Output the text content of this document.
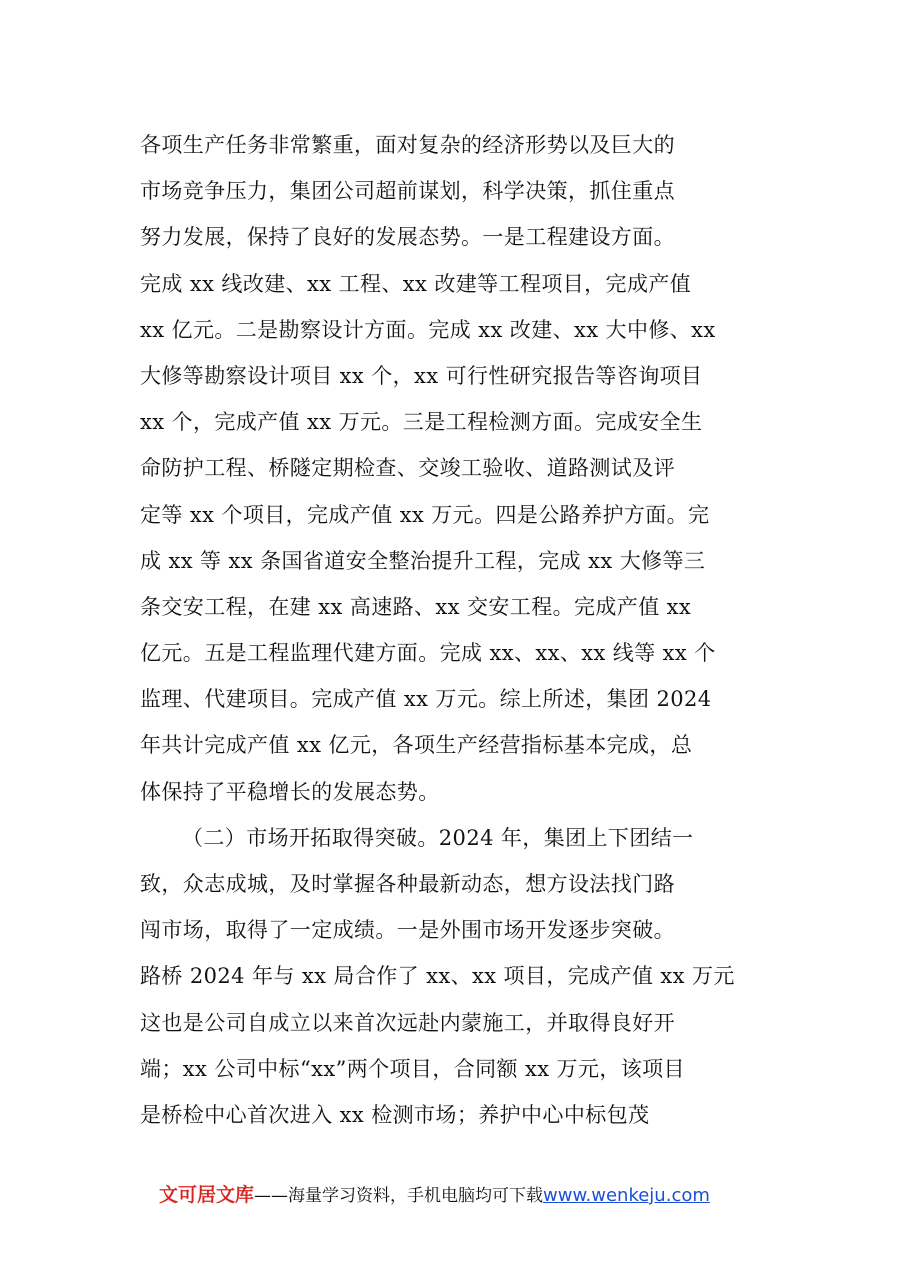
各项生产任务非常繁重，面对复杂的经济形势以及巨大的
市场竞争压力，集团公司超前谋划，科学决策，抓住重点
努力发展，保持了良好的发展态势。一是工程建设方面。
完成 xx 线改建、xx 工程、xx 改建等工程项目，完成产值
xx 亿元。二是勘察设计方面。完成 xx 改建、xx 大中修、xx
大修等勘察设计项目 xx 个，xx 可行性研究报告等咨询项目
xx 个，完成产值 xx 万元。三是工程检测方面。完成安全生
命防护工程、桥隧定期检查、交竣工验收、道路测试及评
定等 xx 个项目，完成产值 xx 万元。四是公路养护方面。完
成 xx 等 xx 条国省道安全整治提升工程，完成 xx 大修等三
条交安工程，在建 xx 高速路、xx 交安工程。完成产值 xx
亿元。五是工程监理代建方面。完成 xx、xx、xx 线等 xx 个
监理、代建项目。完成产值 xx 万元。综上所述，集团 2024
年共计完成产值 xx 亿元，各项生产经营指标基本完成，总
体保持了平稳增长的发展态势。
（二）市场开拓取得突破。2024 年，集团上下团结一
致，众志成城，及时掌握各种最新动态，想方设法找门路
闯市场，取得了一定成绩。一是外围市场开发逐步突破。
路桥 2024 年与 xx 局合作了 xx、xx 项目，完成产值 xx 万元
这也是公司自成立以来首次远赴内蒙施工，并取得良好开
端；xx 公司中标“xx”两个项目，合同额 xx 万元，该项目
是桥检中心首次进入 xx 检测市场；养护中心中标包茂
文可居文库——海量学习资料，手机电脑均可下载www.wenkeju.com
